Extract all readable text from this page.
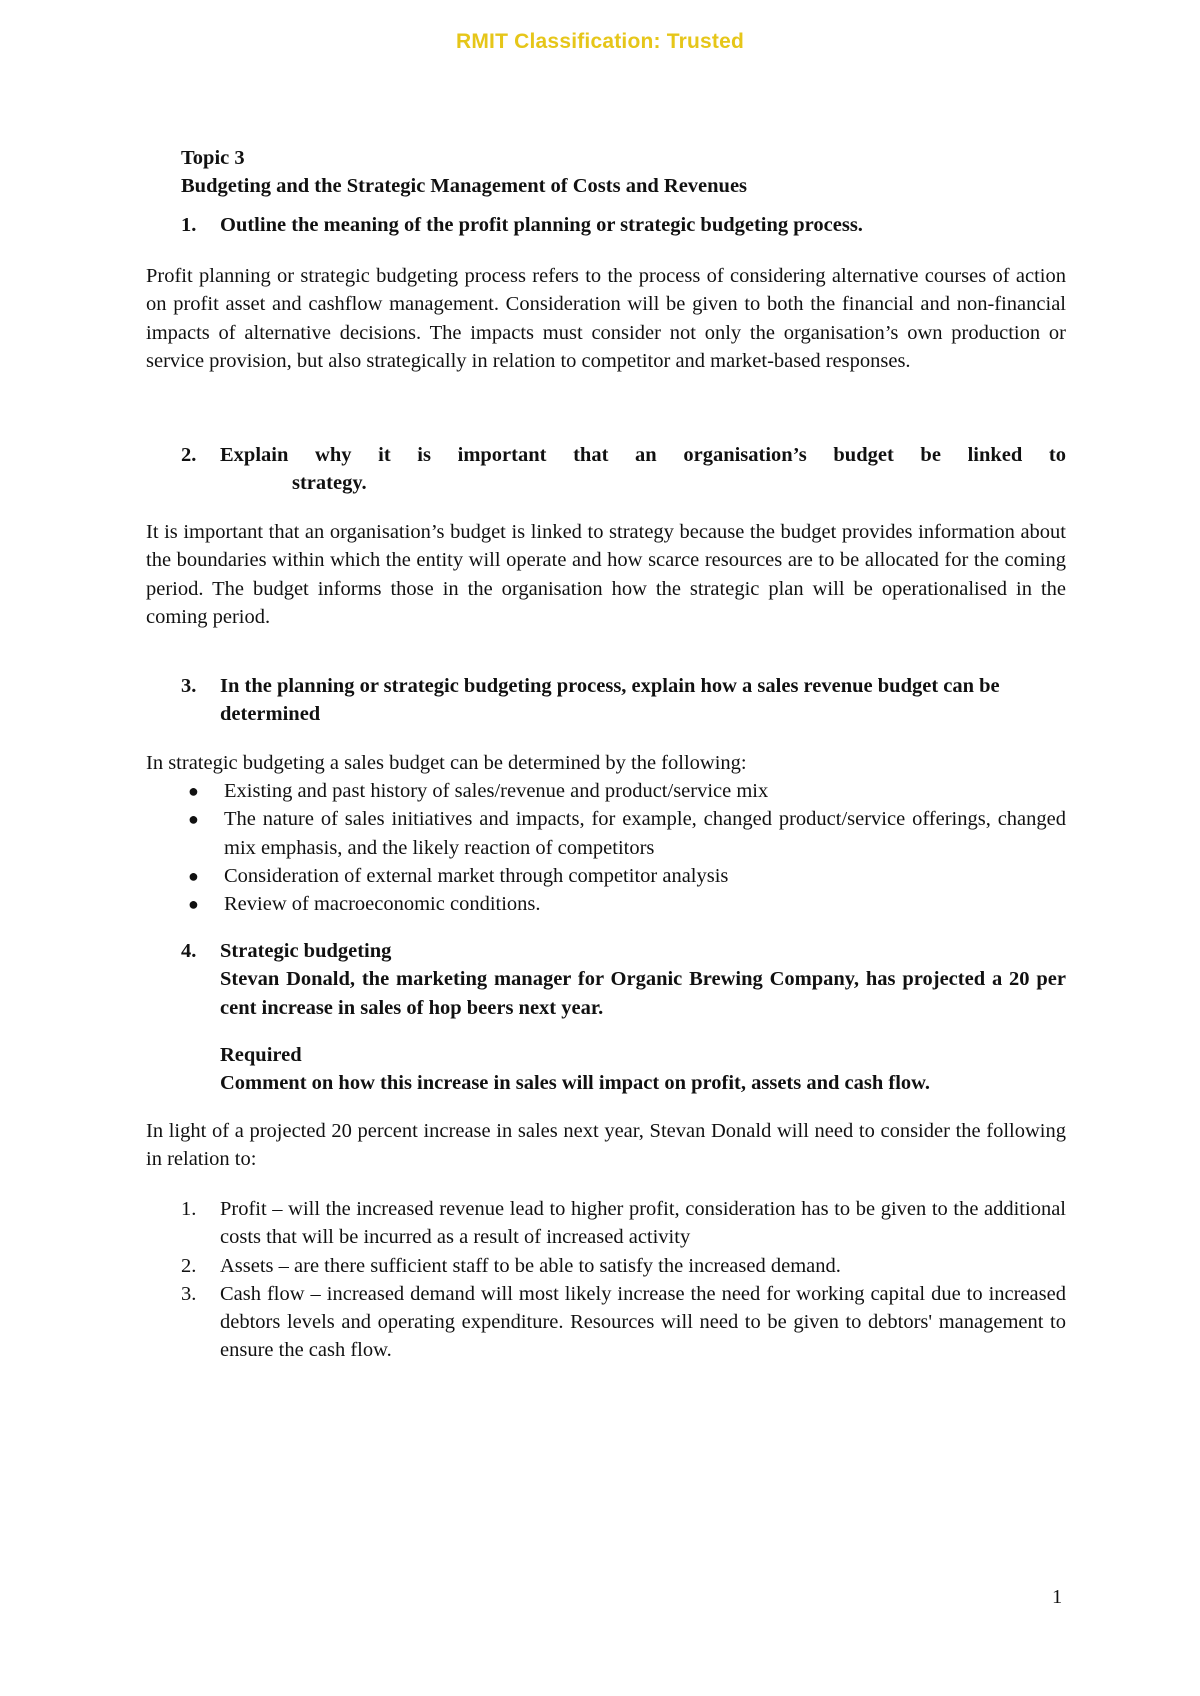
RMIT Classification: Trusted
Topic 3
Budgeting and the Strategic Management of Costs and Revenues
1. Outline the meaning of the profit planning or strategic budgeting process.
Profit planning or strategic budgeting process refers to the process of considering alternative courses of action on profit asset and cashflow management. Consideration will be given to both the financial and non-financial impacts of alternative decisions. The impacts must consider not only the organisation’s own production or service provision, but also strategically in relation to competitor and market-based responses.
2. Explain why it is important that an organisation’s budget be linked to
strategy.
It is important that an organisation’s budget is linked to strategy because the budget provides information about the boundaries within which the entity will operate and how scarce resources are to be allocated for the coming period. The budget informs those in the organisation how the strategic plan will be operationalised in the coming period.
3. In the planning or strategic budgeting process, explain how a sales revenue budget can be determined
In strategic budgeting a sales budget can be determined by the following:
● Existing and past history of sales/revenue and product/service mix
● The nature of sales initiatives and impacts, for example, changed product/service offerings, changed mix emphasis, and the likely reaction of competitors
● Consideration of external market through competitor analysis
● Review of macroeconomic conditions.
4. Strategic budgeting
Stevan Donald, the marketing manager for Organic Brewing Company, has projected a 20 per cent increase in sales of hop beers next year.
Required
Comment on how this increase in sales will impact on profit, assets and cash flow.
In light of a projected 20 percent increase in sales next year, Stevan Donald will need to consider the following in relation to:
1. Profit – will the increased revenue lead to higher profit, consideration has to be given to the additional costs that will be incurred as a result of increased activity
2. Assets – are there sufficient staff to be able to satisfy the increased demand.
3. Cash flow – increased demand will most likely increase the need for working capital due to increased debtors levels and operating expenditure. Resources will need to be given to debtors' management to ensure the cash flow.
1
